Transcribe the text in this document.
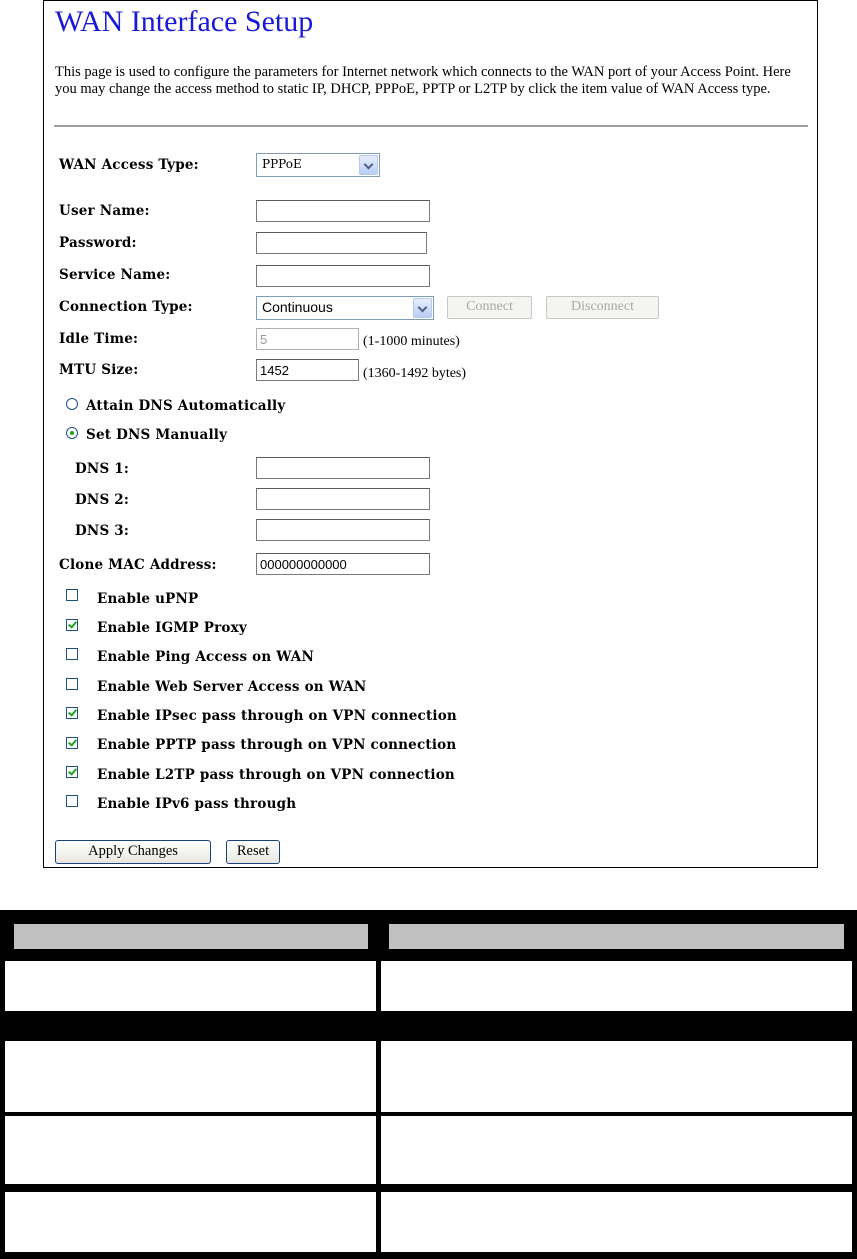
WAN Interface Setup

This page is used to configure the parameters for Internet network which connects to the WAN port of your Access Point. Here you may change the access method to static IP, DHCP, PPPoE, PPTP or L2TP by click the item value of WAN Access type.

WAN Access Type:	PPPoE
User Name:
Password:
Service Name:
Connection Type:	Continuous	Connect	Disconnect
Idle Time:
5	(1-1000 minutes)
MTU Size:
1452	(1360-1492 bytes)
Attain DNS Automatically
Set DNS Manually
DNS 1:
DNS 2:
DNS 3:
Clone MAC Address:
000000000000
Enable uPNP
Enable IGMP Proxy
Enable Ping Access on WAN
Enable Web Server Access on WAN
Enable IPsec pass through on VPN connection
Enable PPTP pass through on VPN connection
Enable L2TP pass through on VPN connection
Enable IPv6 pass through
Apply Changes	Reset
